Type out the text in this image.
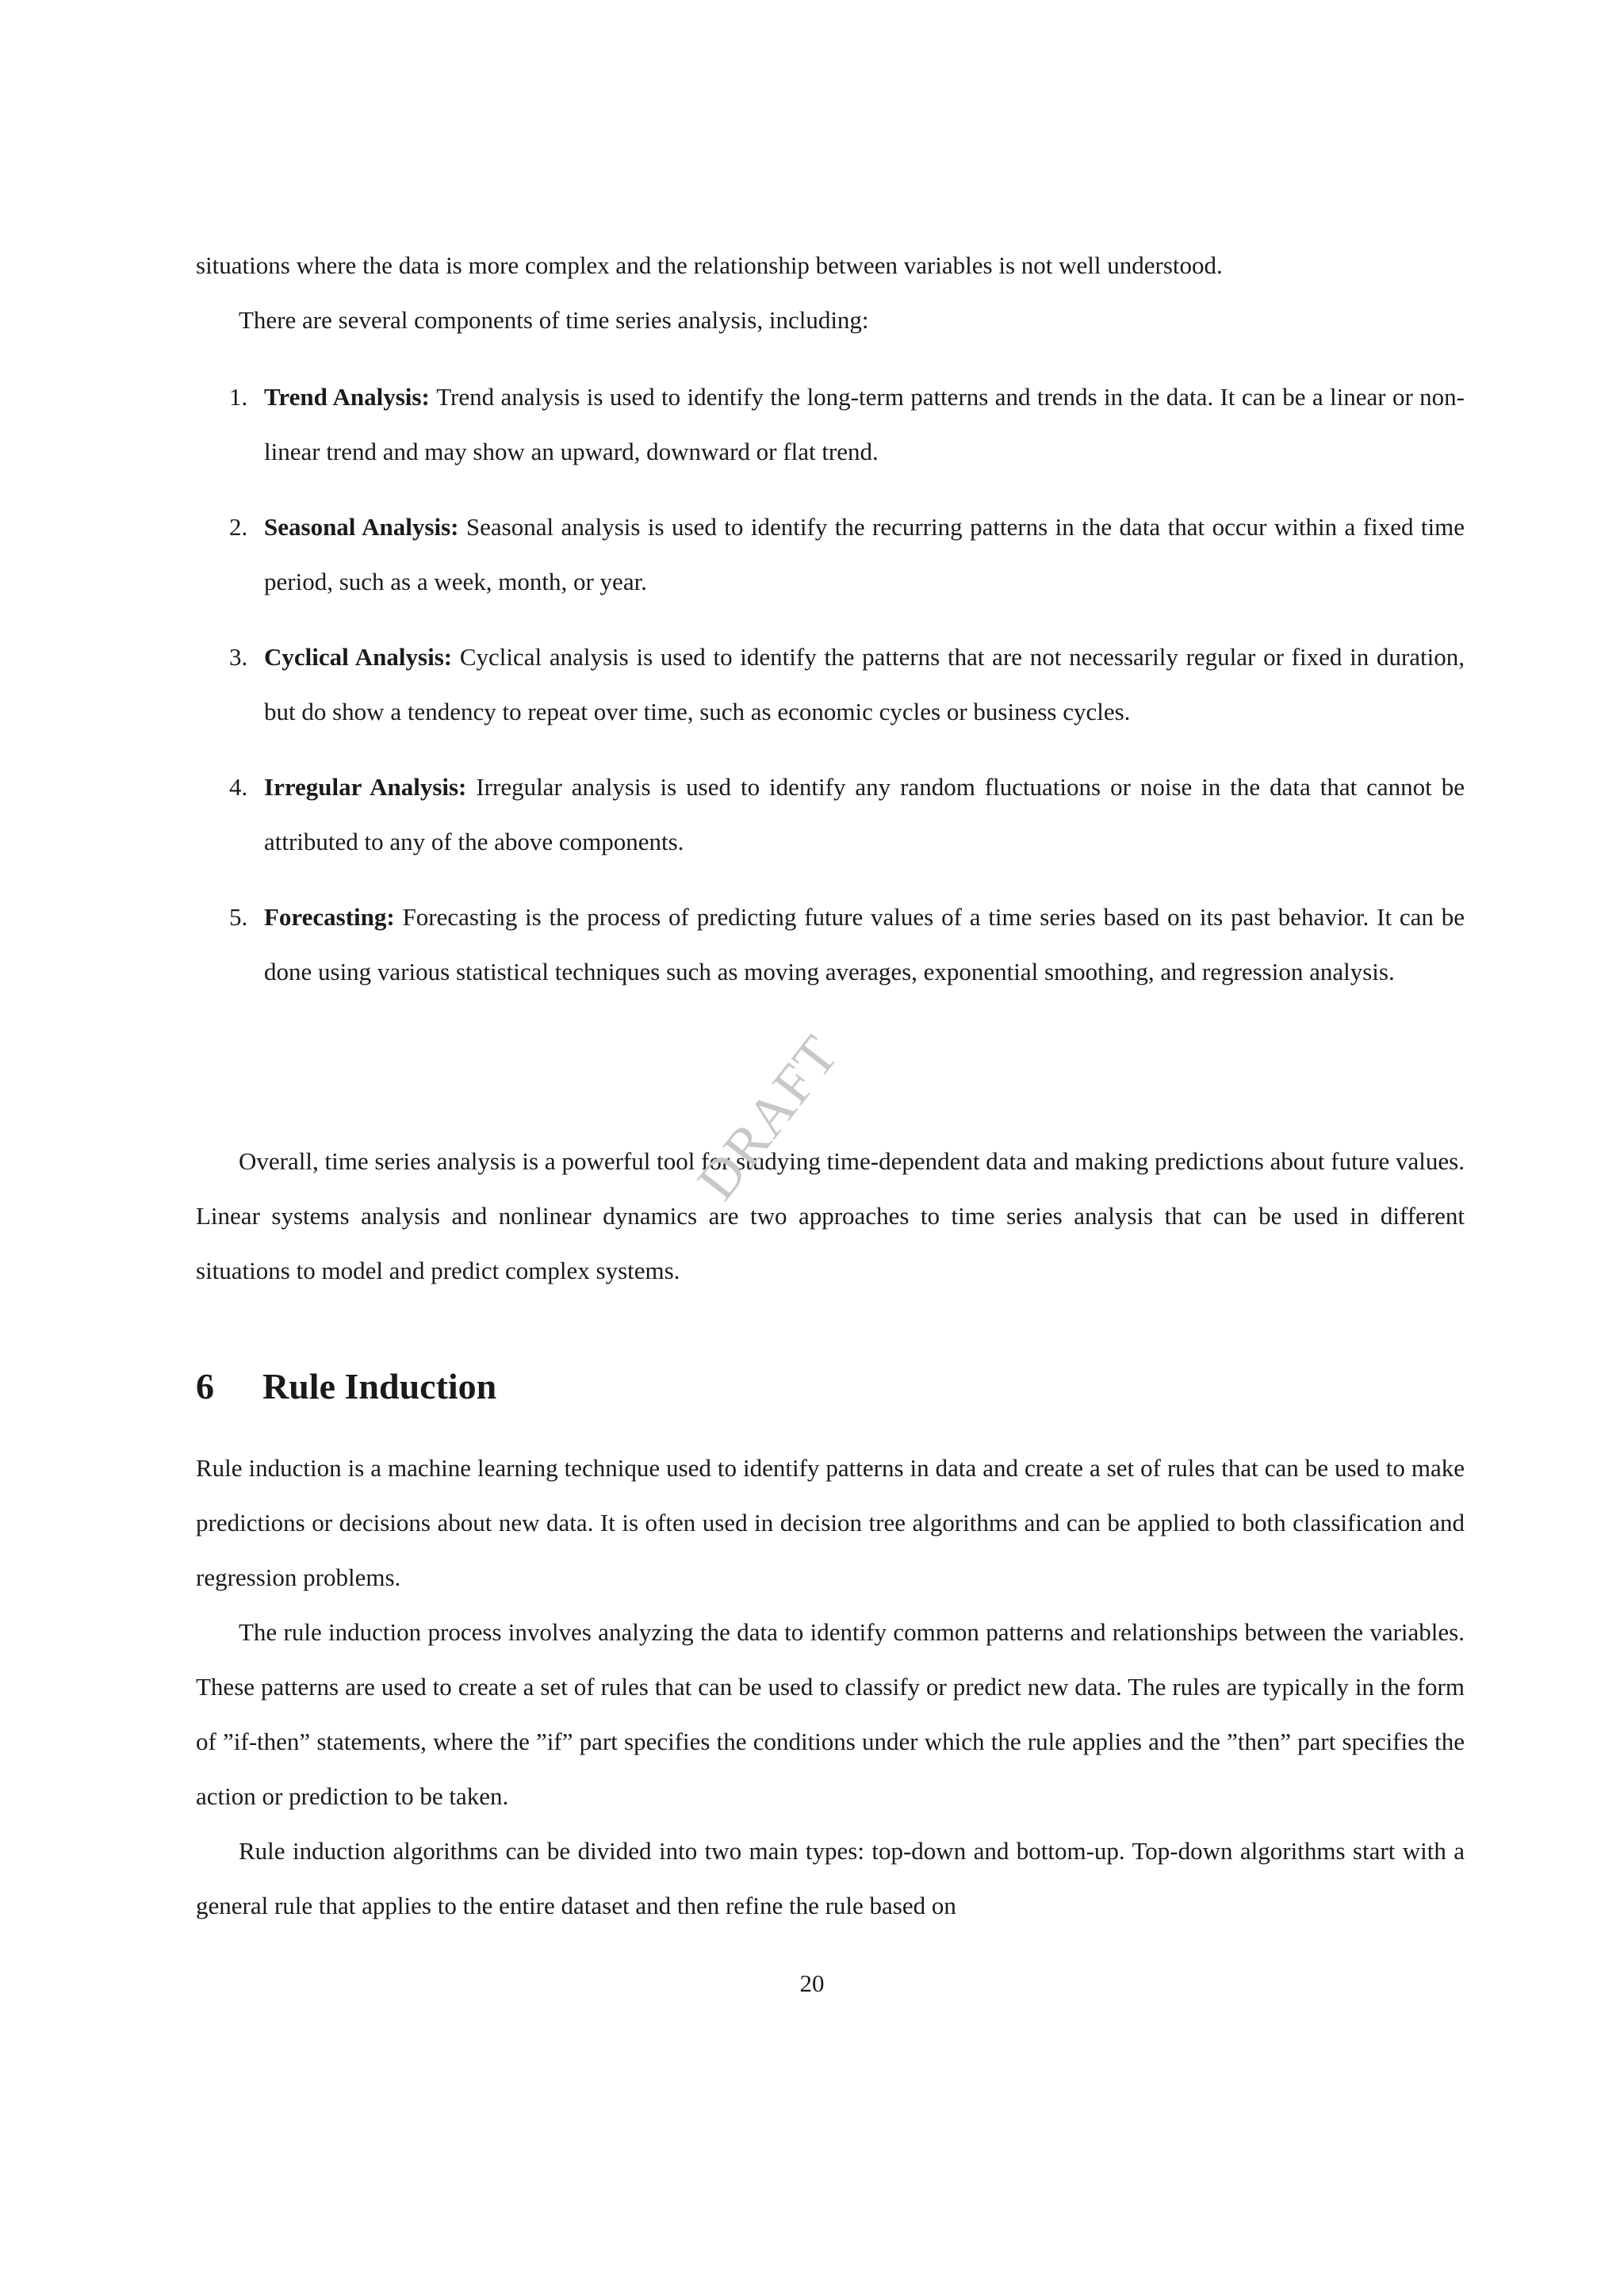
situations where the data is more complex and the relationship between variables is not well understood.

There are several components of time series analysis, including:

1. Trend Analysis: Trend analysis is used to identify the long-term patterns and trends in the data. It can be a linear or non-linear trend and may show an upward, downward or flat trend.
2. Seasonal Analysis: Seasonal analysis is used to identify the recurring patterns in the data that occur within a fixed time period, such as a week, month, or year.
3. Cyclical Analysis: Cyclical analysis is used to identify the patterns that are not necessarily regular or fixed in duration, but do show a tendency to repeat over time, such as economic cycles or business cycles.
4. Irregular Analysis: Irregular analysis is used to identify any random fluctuations or noise in the data that cannot be attributed to any of the above components.
5. Forecasting: Forecasting is the process of predicting future values of a time series based on its past behavior. It can be done using various statistical techniques such as moving averages, exponential smoothing, and regression analysis.

Overall, time series analysis is a powerful tool for studying time-dependent data and making predictions about future values. Linear systems analysis and nonlinear dynamics are two approaches to time series analysis that can be used in different situations to model and predict complex systems.

6 Rule Induction

Rule induction is a machine learning technique used to identify patterns in data and create a set of rules that can be used to make predictions or decisions about new data. It is often used in decision tree algorithms and can be applied to both classification and regression problems.

The rule induction process involves analyzing the data to identify common patterns and relationships between the variables. These patterns are used to create a set of rules that can be used to classify or predict new data. The rules are typically in the form of ”if-then” statements, where the ”if” part specifies the conditions under which the rule applies and the ”then” part specifies the action or prediction to be taken.

Rule induction algorithms can be divided into two main types: top-down and bottom-up. Top-down algorithms start with a general rule that applies to the entire dataset and then refine the rule based on

DRAFT
20
